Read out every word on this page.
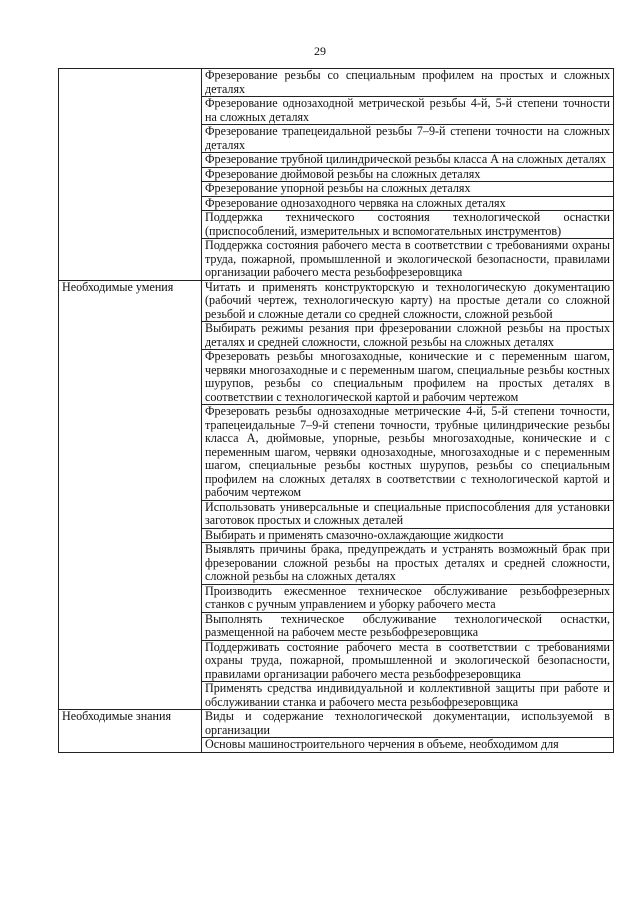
29

	Фрезерование резьбы со специальным профилем на простых и сложных деталях

	Фрезерование однозаходной метрической резьбы 4-й, 5-й степени точности на сложных деталях

	Фрезерование трапецеидальной резьбы 7–9-й степени точности на сложных деталях

	Фрезерование трубной цилиндрической резьбы класса А на сложных деталях

	Фрезерование дюймовой резьбы на сложных деталях

	Фрезерование упорной резьбы на сложных деталях

	Фрезерование однозаходного червяка на сложных деталях

	Поддержка технического состояния технологической оснастки (приспособлений, измерительных и вспомогательных инструментов)

	Поддержка состояния рабочего места в соответствии с требованиями охраны труда, пожарной, промышленной и экологической безопасности, правилами организации рабочего места резьбофрезеровщика

Необходимые умения	Читать и применять конструкторскую и технологическую документацию (рабочий чертеж, технологическую карту) на простые детали со сложной резьбой и сложные детали со средней сложности, сложной резьбой

	Выбирать режимы резания при фрезеровании сложной резьбы на простых деталях и средней сложности, сложной резьбы на сложных деталях

	Фрезеровать резьбы многозаходные, конические и с переменным шагом, червяки многозаходные и с переменным шагом, специальные резьбы костных шурупов, резьбы со специальным профилем на простых деталях в соответствии с технологической картой и рабочим чертежом

	Фрезеровать резьбы однозаходные метрические 4-й, 5-й степени точности, трапецеидальные 7–9-й степени точности, трубные цилиндрические резьбы класса А, дюймовые, упорные, резьбы многозаходные, конические и с переменным шагом, червяки однозаходные, многозаходные и с переменным шагом, специальные резьбы костных шурупов, резьбы со специальным профилем на сложных деталях в соответствии с технологической картой и рабочим чертежом

	Использовать универсальные и специальные приспособления для установки заготовок простых и сложных деталей

	Выбирать и применять смазочно-охлаждающие жидкости

	Выявлять причины брака, предупреждать и устранять возможный брак при фрезеровании сложной резьбы на простых деталях и средней сложности, сложной резьбы на сложных деталях

	Производить ежесменное техническое обслуживание резьбофрезерных станков с ручным управлением и уборку рабочего места

	Выполнять техническое обслуживание технологической оснастки, размещенной на рабочем месте резьбофрезеровщика

	Поддерживать состояние рабочего места в соответствии с требованиями охраны труда, пожарной, промышленной и экологической безопасности, правилами организации рабочего места резьбофрезеровщика

	Применять средства индивидуальной и коллективной защиты при работе и обслуживании станка и рабочего места резьбофрезеровщика

Необходимые знания	Виды и содержание технологической документации, используемой в организации

	Основы машиностроительного черчения в объеме, необходимом для
